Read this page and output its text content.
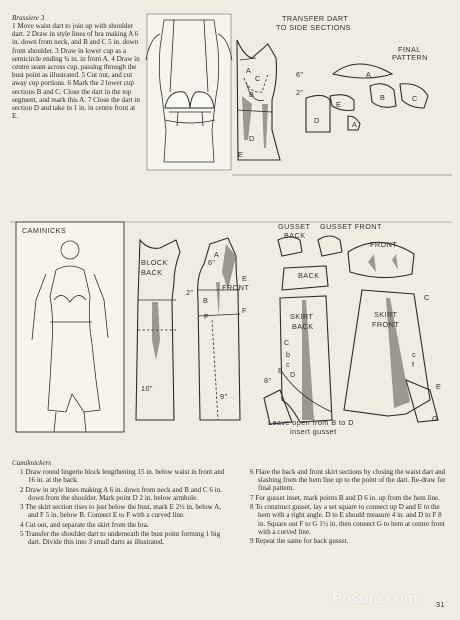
Brassiere 3
1 Move waist dart to join up with shoulder dart. 2 Draw in style lines of bra making A 6 in. down from neck, and B and C 5 in. down from shoulder. 3 Draw in lower cup as a semicircle ending ¾ in. in from A. 4 Draw in centre seam across cup, passing through the bust point as illustrated. 5 Cut out, and cut away cup portions. 6 Mark the 2 lower cup sections B and C. Close the dart in the top segment, and mark this A. 7 Close the dart in section D and take in 1 in. in centre front at E.
TRANSFER DART
TO SIDE SECTIONS
FINAL
PATTERN
A
C
B
D
E
6"
2"
A
B	C
E
D	A
CAMINICKS
BLOCK
BACK
FRONT
2"
10"
9"
6"
A
B
E
F
F
GUSSET
BACK
GUSSET FRONT
BACK
FRONT
SKIRT
BACK
SKIRT
FRONT
C
b
c
B D
8"
C
c
f
E
G
Leave open from B to D
insert gusset
Camiknickers
1 Draw round lingerie block lengthening 15 in. below waist in front and 16 in. at the back.
2 Draw in style lines making A 6 in. down from neck and B and C 6 in. down from the shoulder. Mark point D 2 in. below armhole.
3 The skirt section rises to just below the bust, mark E 2½ in. below A, and F 5 in. below B. Connect E to F with a curved line.
4 Cut out, and separate the skirt from the bra.
5 Transfer the shoulder dart to underneath the bust point forming 1 big dart. Divide this into 3 small darts as illustrated.
6 Flare the back and front skirt sections by closing the waist dart and slashing from the hem line up to the point of the dart. Re-draw for final pattern.
7 For gusset inset, mark points B and D 6 in. up from the hem line.
8 To construct gusset, lay a set square to connect up D and E to the hem with a right angle. D to E should measure 4 in. and D to F 8 in. Square out F to G 1½ in. then connect G to hem at centre front with a curved line.
9 Repeat the same for back gusset.
Posuta.com	31
